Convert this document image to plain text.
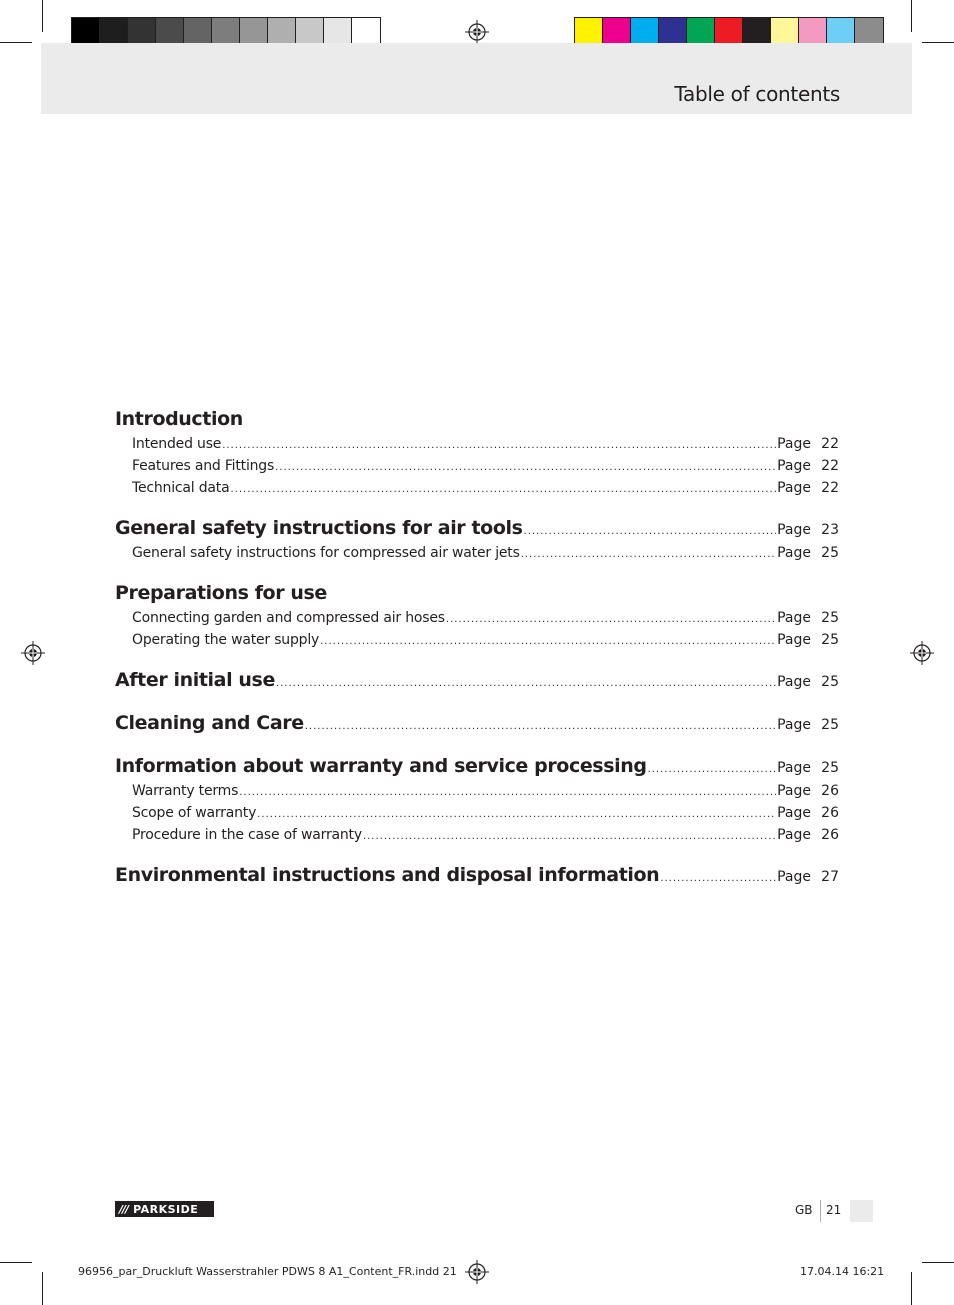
Table of contents
Introduction
Intended use .....	Page 22
Features and Fittings .....	Page 22
Technical data .....	Page 22
General safety instructions for air tools .....	Page 23
General safety instructions for compressed air water jets .....	Page 25
Preparations for use
Connecting garden and compressed air hoses .....	Page 25
Operating the water supply .....	Page 25
After initial use .....	Page 25
Cleaning and Care .....	Page 25
Information about warranty and service processing .....	Page 25
Warranty terms .....	Page 26
Scope of warranty .....	Page 26
Procedure in the case of warranty .....	Page 26
Environmental instructions and disposal information .....	Page 27
/// PARKSIDE	GB 21
96956_par_Druckluft Wasserstrahler PDWS 8 A1_Content_FR.indd 21	17.04.14 16:21
